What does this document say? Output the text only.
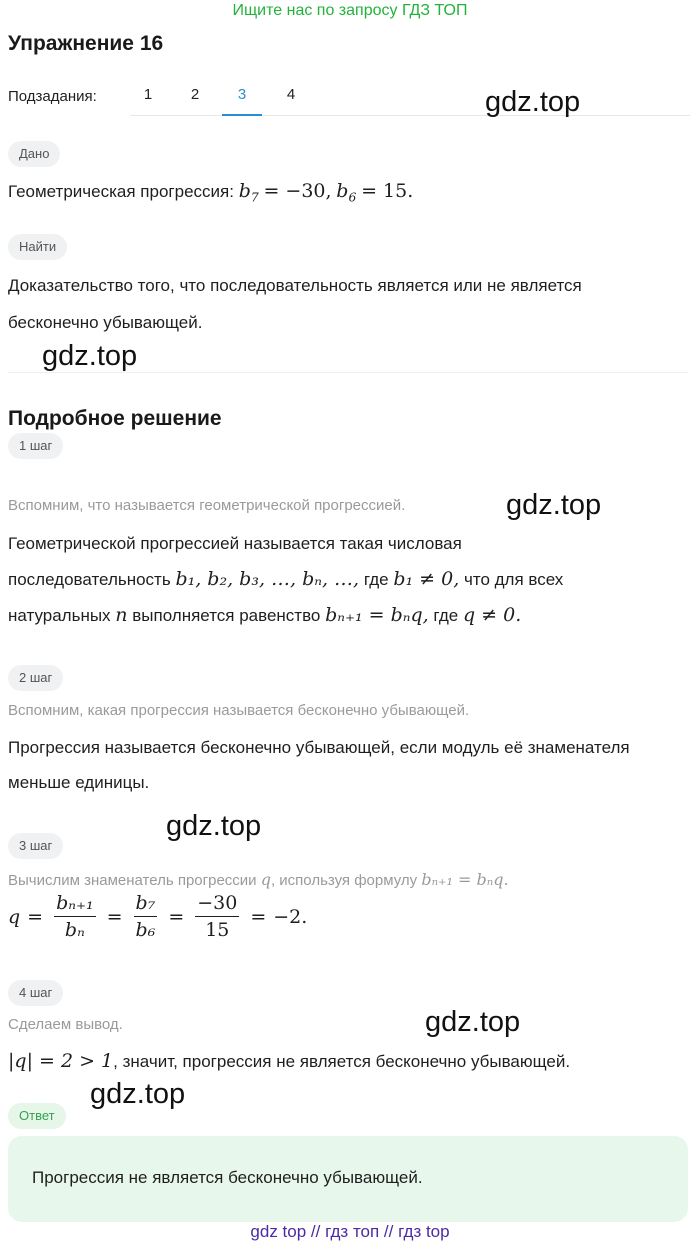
Ищите нас по запросу ГДЗ ТОП
Упражнение 16
Подзадания:	1	2	3	4	gdz.top
Дано
Геометрическая прогрессия: $b_7 = -30$, $b_6 = 15$.
Найти
Доказательство того, что последовательность является или не является
бесконечно убывающей.
gdz.top
Подробное решение
1 шаг
Вспомним, что называется геометрической прогрессией.	gdz.top
Геометрической прогрессией называется такая числовая
последовательность b₁, b₂, b₃, …, bₙ, …, где b₁ ≠ 0, что для всех
натуральных n выполняется равенство bₙ₊₁ = bₙq, где q ≠ 0.
2 шаг
Вспомним, какая прогрессия называется бесконечно убывающей.
Прогрессия называется бесконечно убывающей, если модуль её знаменателя
меньше единицы.
gdz.top
3 шаг
Вычислим знаменатель прогрессии q, используя формулу bₙ₊₁ = bₙq.
$q = \frac{\text{bₙ₊₁}}{\text{bₙ}} = \frac{\text{b₇}}{\text{b₆}} = \frac{-30}{15} = -2$.
4 шаг
Сделаем вывод.	gdz.top
|q| = 2 > 1, значит, прогрессия не является бесконечно убывающей.
gdz.top
Ответ
Прогрессия не является бесконечно убывающей.
gdz top // гдз топ // гдз top
